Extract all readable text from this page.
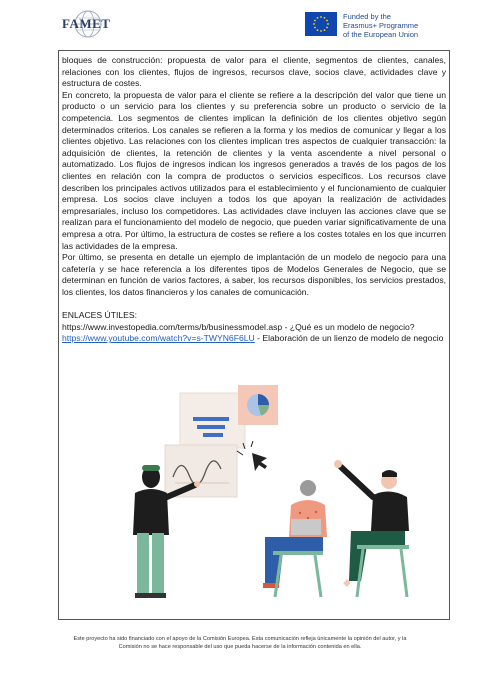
FAMET	Funded by the
Erasmus+ Programme
of the European Union

bloques de construcción: propuesta de valor para el cliente, segmentos de clientes, canales, relaciones con los clientes, flujos de ingresos, recursos clave, socios clave, actividades clave y estructura de costes.

En concreto, la propuesta de valor para el cliente se refiere a la descripción del valor que tiene un producto o un servicio para los clientes y su preferencia sobre un producto o servicio de la competencia. Los segmentos de clientes implican la definición de los clientes objetivo según determinados criterios. Los canales se refieren a la forma y los medios de comunicar y llegar a los clientes objetivo. Las relaciones con los clientes implican tres aspectos de cualquier transacción: la adquisición de clientes, la retención de clientes y la venta ascendente a nivel personal o automatizado. Los flujos de ingresos indican los ingresos generados a través de los pagos de los clientes en relación con la compra de productos o servicios específicos. Los recursos clave describen los principales activos utilizados para el establecimiento y el funcionamiento de cualquier empresa. Los socios clave incluyen a todos los que apoyan la realización de actividades empresariales, incluso los competidores. Las actividades clave incluyen las acciones clave que se realizan para el funcionamiento del modelo de negocio, que pueden variar significativamente de una empresa a otra. Por último, la estructura de costes se refiere a los costes totales en los que incurren las actividades de la empresa.

Por último, se presenta en detalle un ejemplo de implantación de un modelo de negocio para una cafetería y se hace referencia a los diferentes tipos de Modelos Generales de Negocio, que se determinan en función de varios factores, a saber, los recursos disponibles, los servicios prestados, los clientes, los datos financieros y los canales de comunicación.

ENLACES ÚTILES:

https://www.investopedia.com/terms/b/businessmodel.asp - ¿Qué es un modelo de negocio?

https://www.youtube.com/watch?v=s-TWYN6F6LU - Elaboración de un lienzo de modelo de negocio

Este proyecto ha sido financiado con el apoyo de la Comisión Europea. Esta comunicación refleja únicamente la opinión del autor, y la
Comisión no se hace responsable del uso que pueda hacerse de la información contenida en ella.
